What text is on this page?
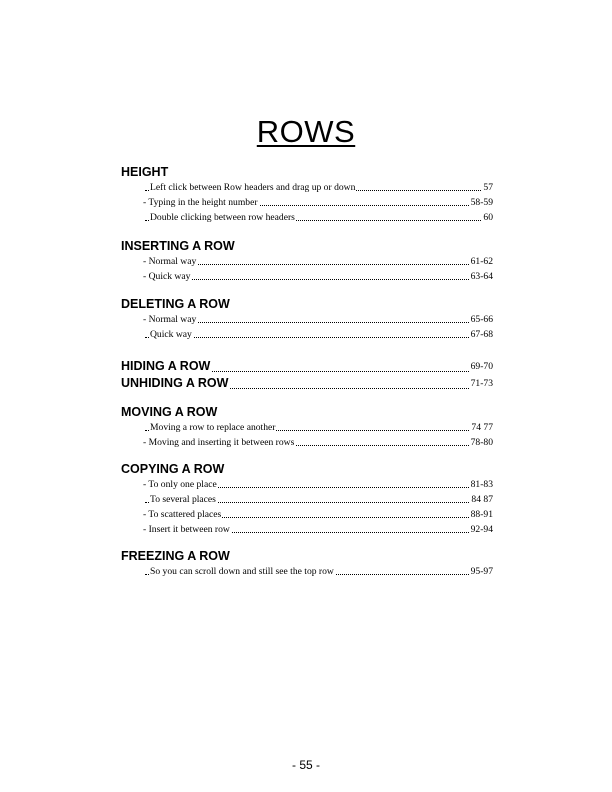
ROWS
HEIGHT
Left click between Row headers and drag up or down	57
- Typing in the height number	58-59
Double clicking between row headers	60
INSERTING A ROW
- Normal way	61-62
- Quick way	63-64
DELETING A ROW
- Normal way	65-66
Quick way	67-68
HIDING A ROW	69-70
UNHIDING A ROW	71-73
MOVING A ROW
Moving a row to replace another	74 77
- Moving and inserting it between rows	78-80
COPYING A ROW
- To only one place	81-83
To several places	84 87
- To scattered places	88-91
- Insert it between row	92-94
FREEZING A ROW
So you can scroll down and still see the top row	95-97
- 55 -
